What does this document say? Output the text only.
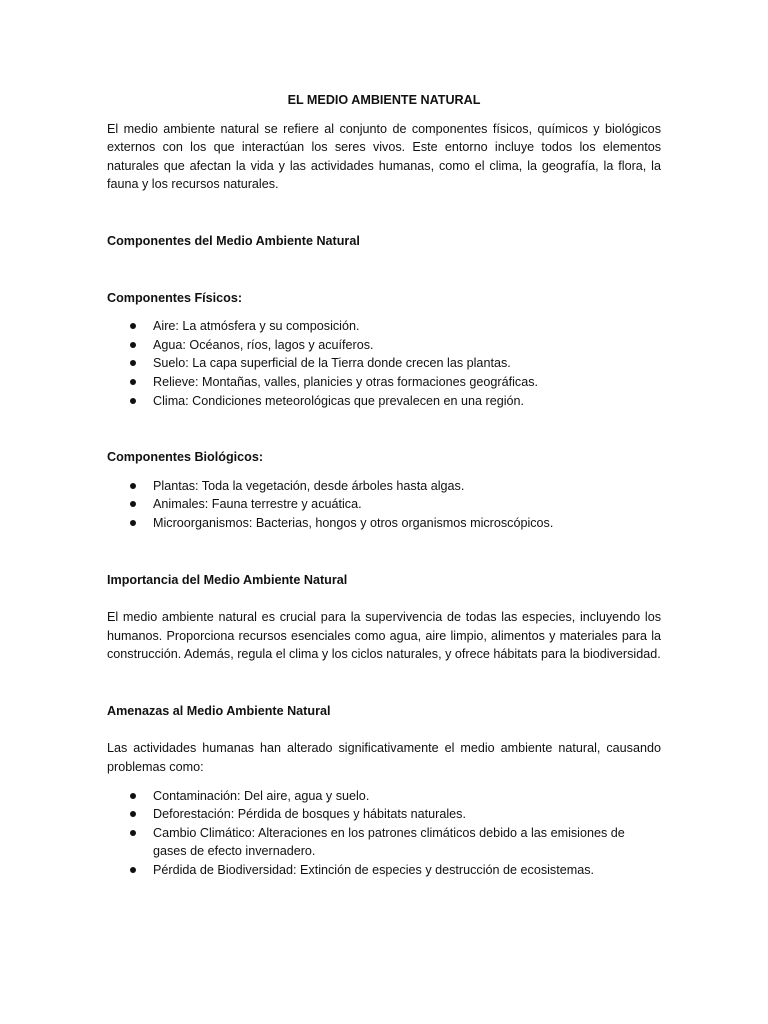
EL MEDIO AMBIENTE NATURAL

El medio ambiente natural se refiere al conjunto de componentes físicos, químicos y biológicos externos con los que interactúan los seres vivos. Este entorno incluye todos los elementos naturales que afectan la vida y las actividades humanas, como el clima, la geografía, la flora, la fauna y los recursos naturales.

Componentes del Medio Ambiente Natural
Componentes Físicos:
Aire: La atmósfera y su composición.
Agua: Océanos, ríos, lagos y acuíferos.
Suelo: La capa superficial de la Tierra donde crecen las plantas.
Relieve: Montañas, valles, planicies y otras formaciones geográficas.
Clima: Condiciones meteorológicas que prevalecen en una región.
Componentes Biológicos:
Plantas: Toda la vegetación, desde árboles hasta algas.
Animales: Fauna terrestre y acuática.
Microorganismos: Bacterias, hongos y otros organismos microscópicos.
Importancia del Medio Ambiente Natural

El medio ambiente natural es crucial para la supervivencia de todas las especies, incluyendo los humanos. Proporciona recursos esenciales como agua, aire limpio, alimentos y materiales para la construcción. Además, regula el clima y los ciclos naturales, y ofrece hábitats para la biodiversidad.

Amenazas al Medio Ambiente Natural

Las actividades humanas han alterado significativamente el medio ambiente natural, causando problemas como:

Contaminación: Del aire, agua y suelo.
Deforestación: Pérdida de bosques y hábitats naturales.
Cambio Climático: Alteraciones en los patrones climáticos debido a las emisiones de gases de efecto invernadero.
Pérdida de Biodiversidad: Extinción de especies y destrucción de ecosistemas.
